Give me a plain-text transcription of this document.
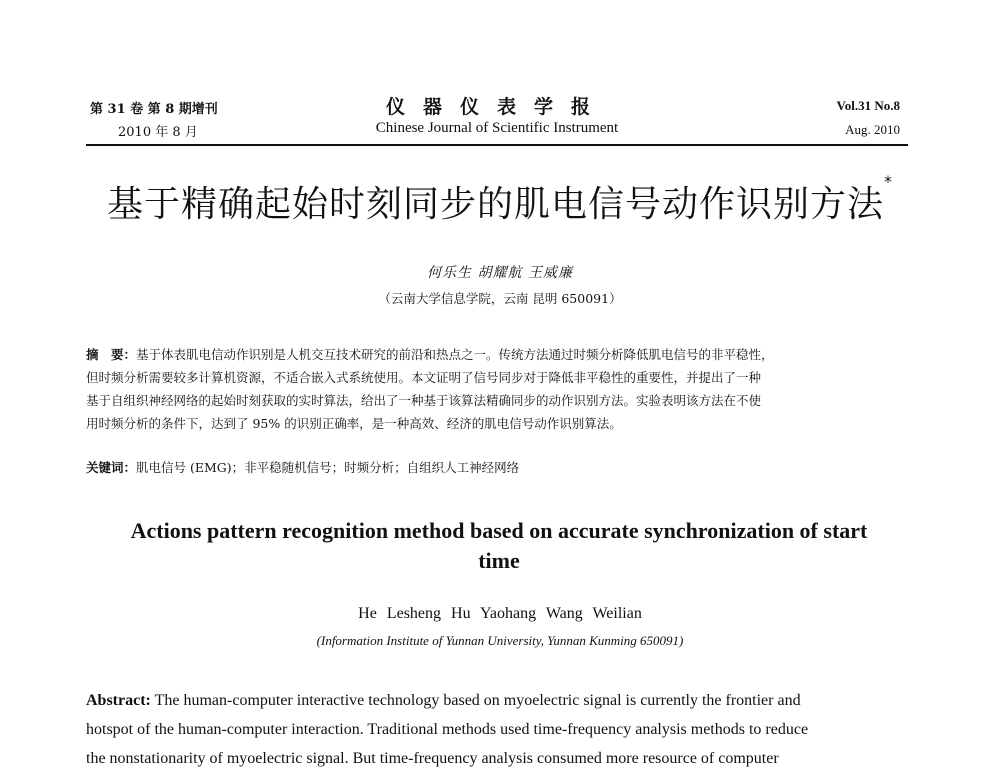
第 31 卷 第 8 期增刊
2010 年 8 月
仪器仪表学报
Chinese Journal of Scientific Instrument
Vol.31 No.8
Aug. 2010
基于精确起始时刻同步的肌电信号动作识别方法*
何乐生 胡耀航 王威廉
（云南大学信息学院，云南 昆明 650091）
摘　要：基于体表肌电信动作识别是人机交互技术研究的前沿和热点之一。传统方法通过时频分析降低肌电信号的非平稳性，
但时频分析需要较多计算机资源，不适合嵌入式系统使用。本文证明了信号同步对于降低非平稳性的重要性，并提出了一种
基于自组织神经网络的起始时刻获取的实时算法，给出了一种基于该算法精确同步的动作识别方法。实验表明该方法在不使
用时频分析的条件下，达到了 95% 的识别正确率，是一种高效、经济的肌电信号动作识别算法。
关键词：肌电信号 (EMG)；非平稳随机信号；时频分析；自组织人工神经网络
Actions pattern recognition method based on accurate synchronization of start
time
He Lesheng Hu Yaohang Wang Weilian
(Information Institute of Yunnan University, Yunnan Kunming 650091)
Abstract: The human-computer interactive technology based on myoelectric signal is currently the frontier and
hotspot of the human-computer interaction. Traditional methods used time-frequency analysis methods to reduce
the nonstationarity of myoelectric signal. But time-frequency analysis consumed more resource of computer
